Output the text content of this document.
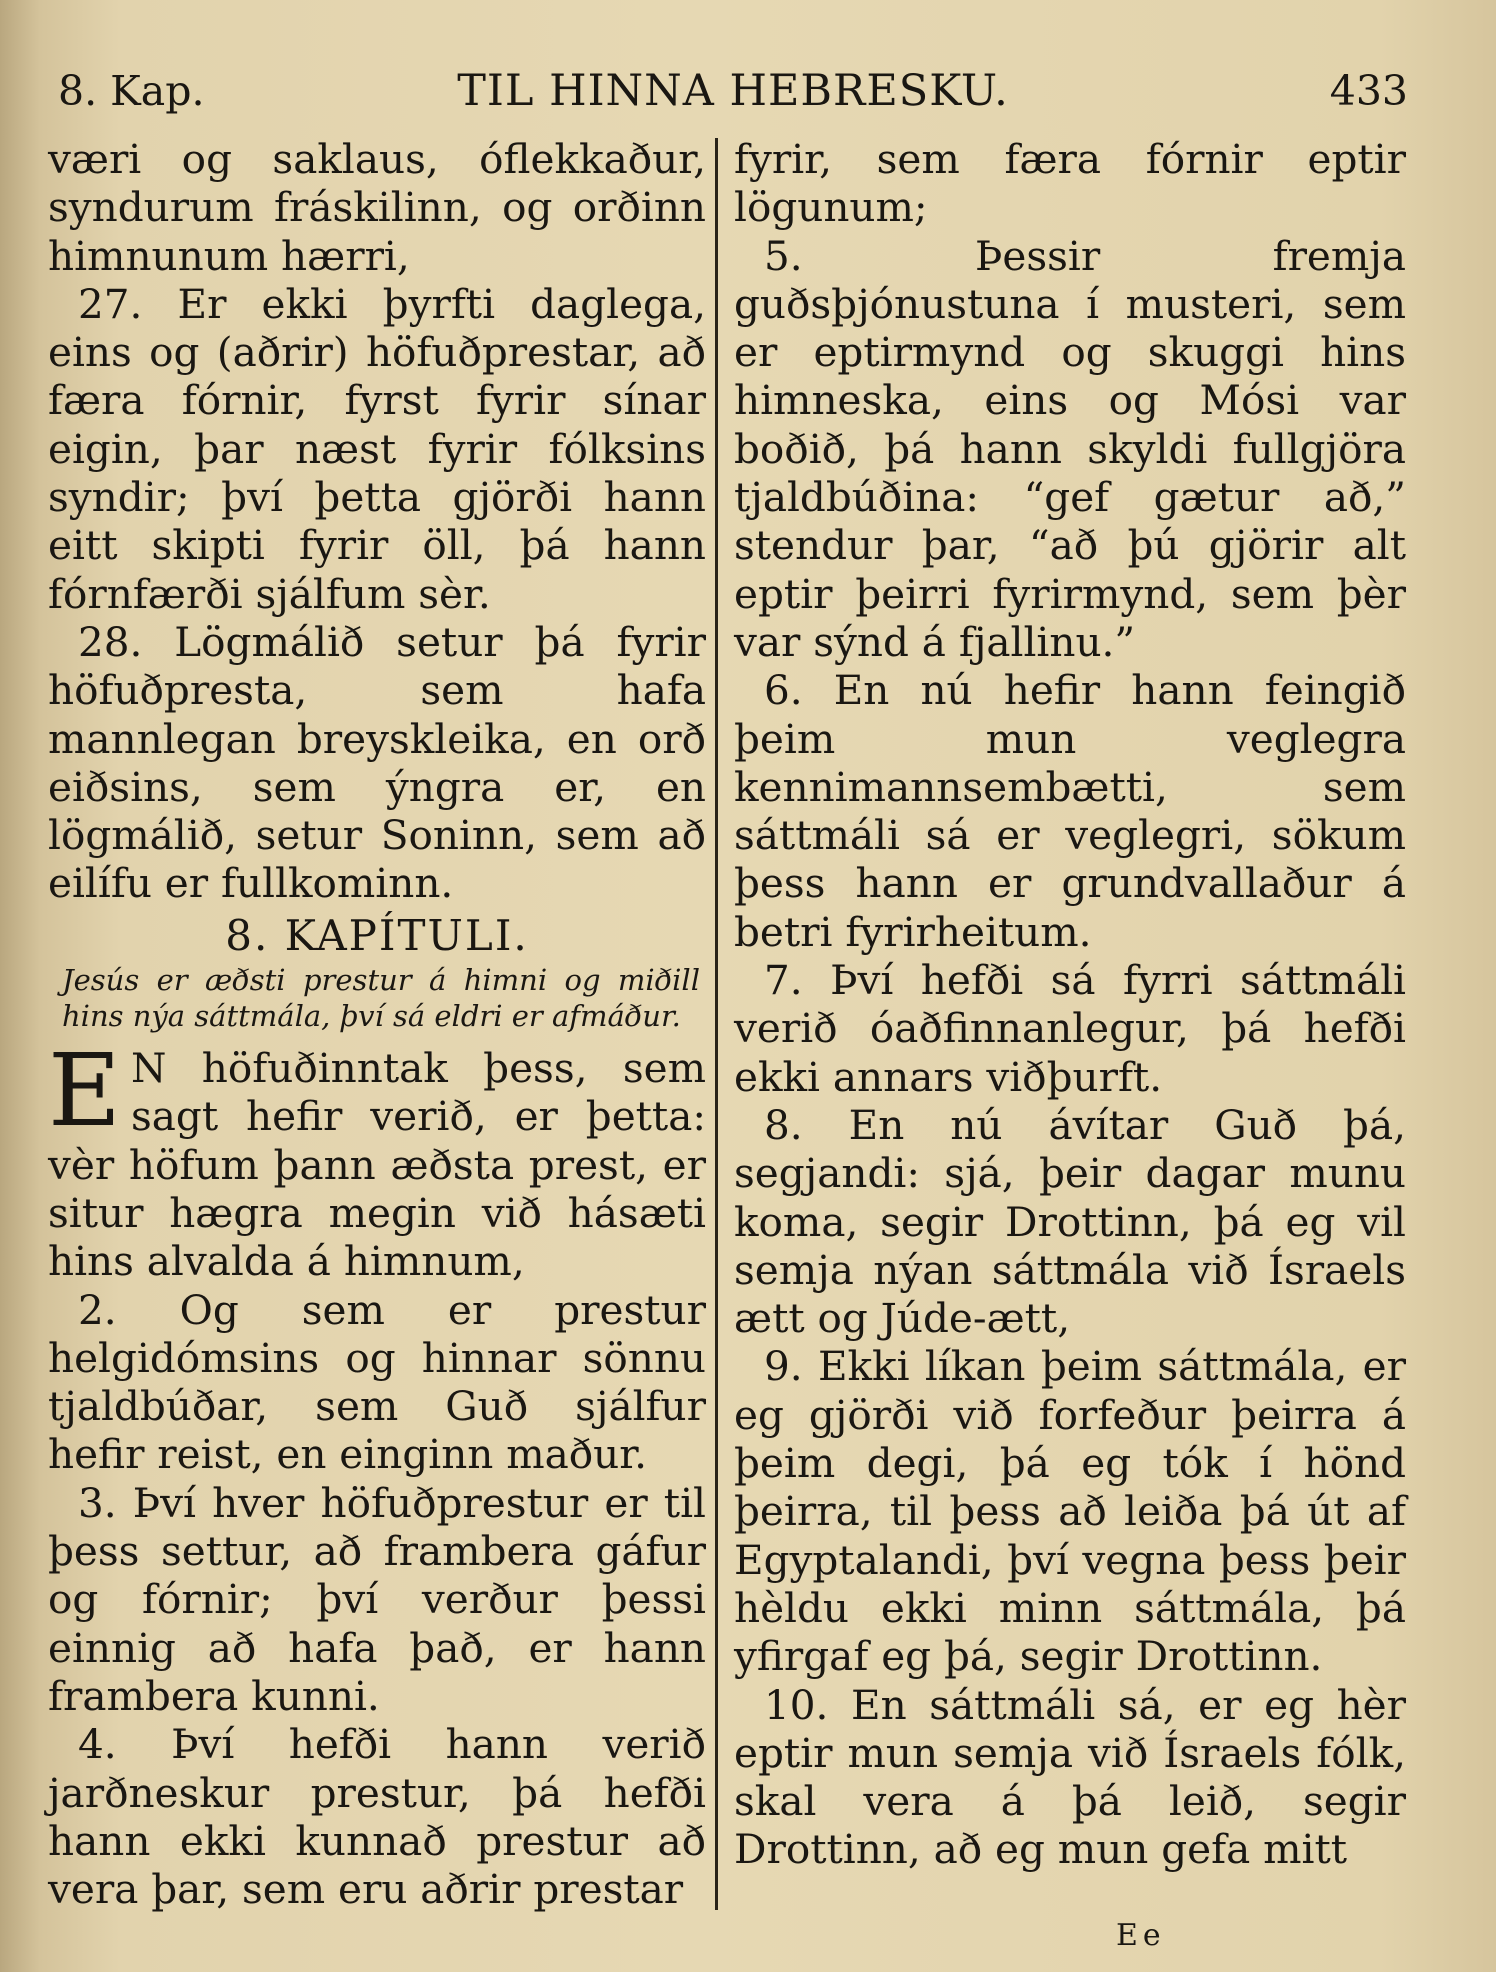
8. Kap.	TIL HINNA HEBRESKU.	433

væri og saklaus, óflekkaður, syndurum fráskilinn, og orðinn himnunum hærri,

27. Er ekki þyrfti daglega, eins og (aðrir) höfuðprestar, að færa fórnir, fyrst fyrir sínar eigin, þar næst fyrir fólksins syndir; því þetta gjörði hann eitt skipti fyrir öll, þá hann fórnfærði sjálfum sèr.

28. Lögmálið setur þá fyrir höfuðpresta, sem hafa mannlegan breyskleika, en orð eiðsins, sem ýngra er, en lögmálið, setur Soninn, sem að eilífu er fullkominn.

8. KAPÍTULI.

Jesús er æðsti prestur á himni og miðill hins nýa sáttmála, því sá eldri er afmáður.

E N höfuðinntak þess, sem sagt hefir verið, er þetta: vèr höfum þann æðsta prest, er situr hægra megin við hásæti hins alvalda á himnum,

2. Og sem er prestur helgidómsins og hinnar sönnu tjaldbúðar, sem Guð sjálfur hefir reist, en einginn maður.

3. Því hver höfuðprestur er til þess settur, að frambera gáfur og fórnir; því verður þessi einnig að hafa það, er hann frambera kunni.

4. Því hefði hann verið jarðneskur prestur, þá hefði hann ekki kunnað prestur að vera þar, sem eru aðrir prestar

fyrir, sem færa fórnir eptir lögunum;

5. Þessir fremja guðsþjónustuna í musteri, sem er eptirmynd og skuggi hins himneska, eins og Mósi var boðið, þá hann skyldi fullgjöra tjaldbúðina: “gef gætur að,” stendur þar, “að þú gjörir alt eptir þeirri fyrirmynd, sem þèr var sýnd á fjallinu.”

6. En nú hefir hann feingið þeim mun veglegra kennimannsembætti, sem sáttmáli sá er veglegri, sökum þess hann er grundvallaður á betri fyrirheitum.

7. Því hefði sá fyrri sáttmáli verið óaðfinnanlegur, þá hefði ekki annars viðþurft.

8. En nú ávítar Guð þá, segjandi: sjá, þeir dagar munu koma, segir Drottinn, þá eg vil semja nýan sáttmála við Ísraels ætt og Júde-ætt,

9. Ekki líkan þeim sáttmála, er eg gjörði við forfeður þeirra á þeim degi, þá eg tók í hönd þeirra, til þess að leiða þá út af Egyptalandi, því vegna þess þeir hèldu ekki minn sáttmála, þá yfirgaf eg þá, segir Drottinn.

10. En sáttmáli sá, er eg hèr eptir mun semja við Ísraels fólk, skal vera á þá leið, segir Drottinn, að eg mun gefa mitt

Ee
